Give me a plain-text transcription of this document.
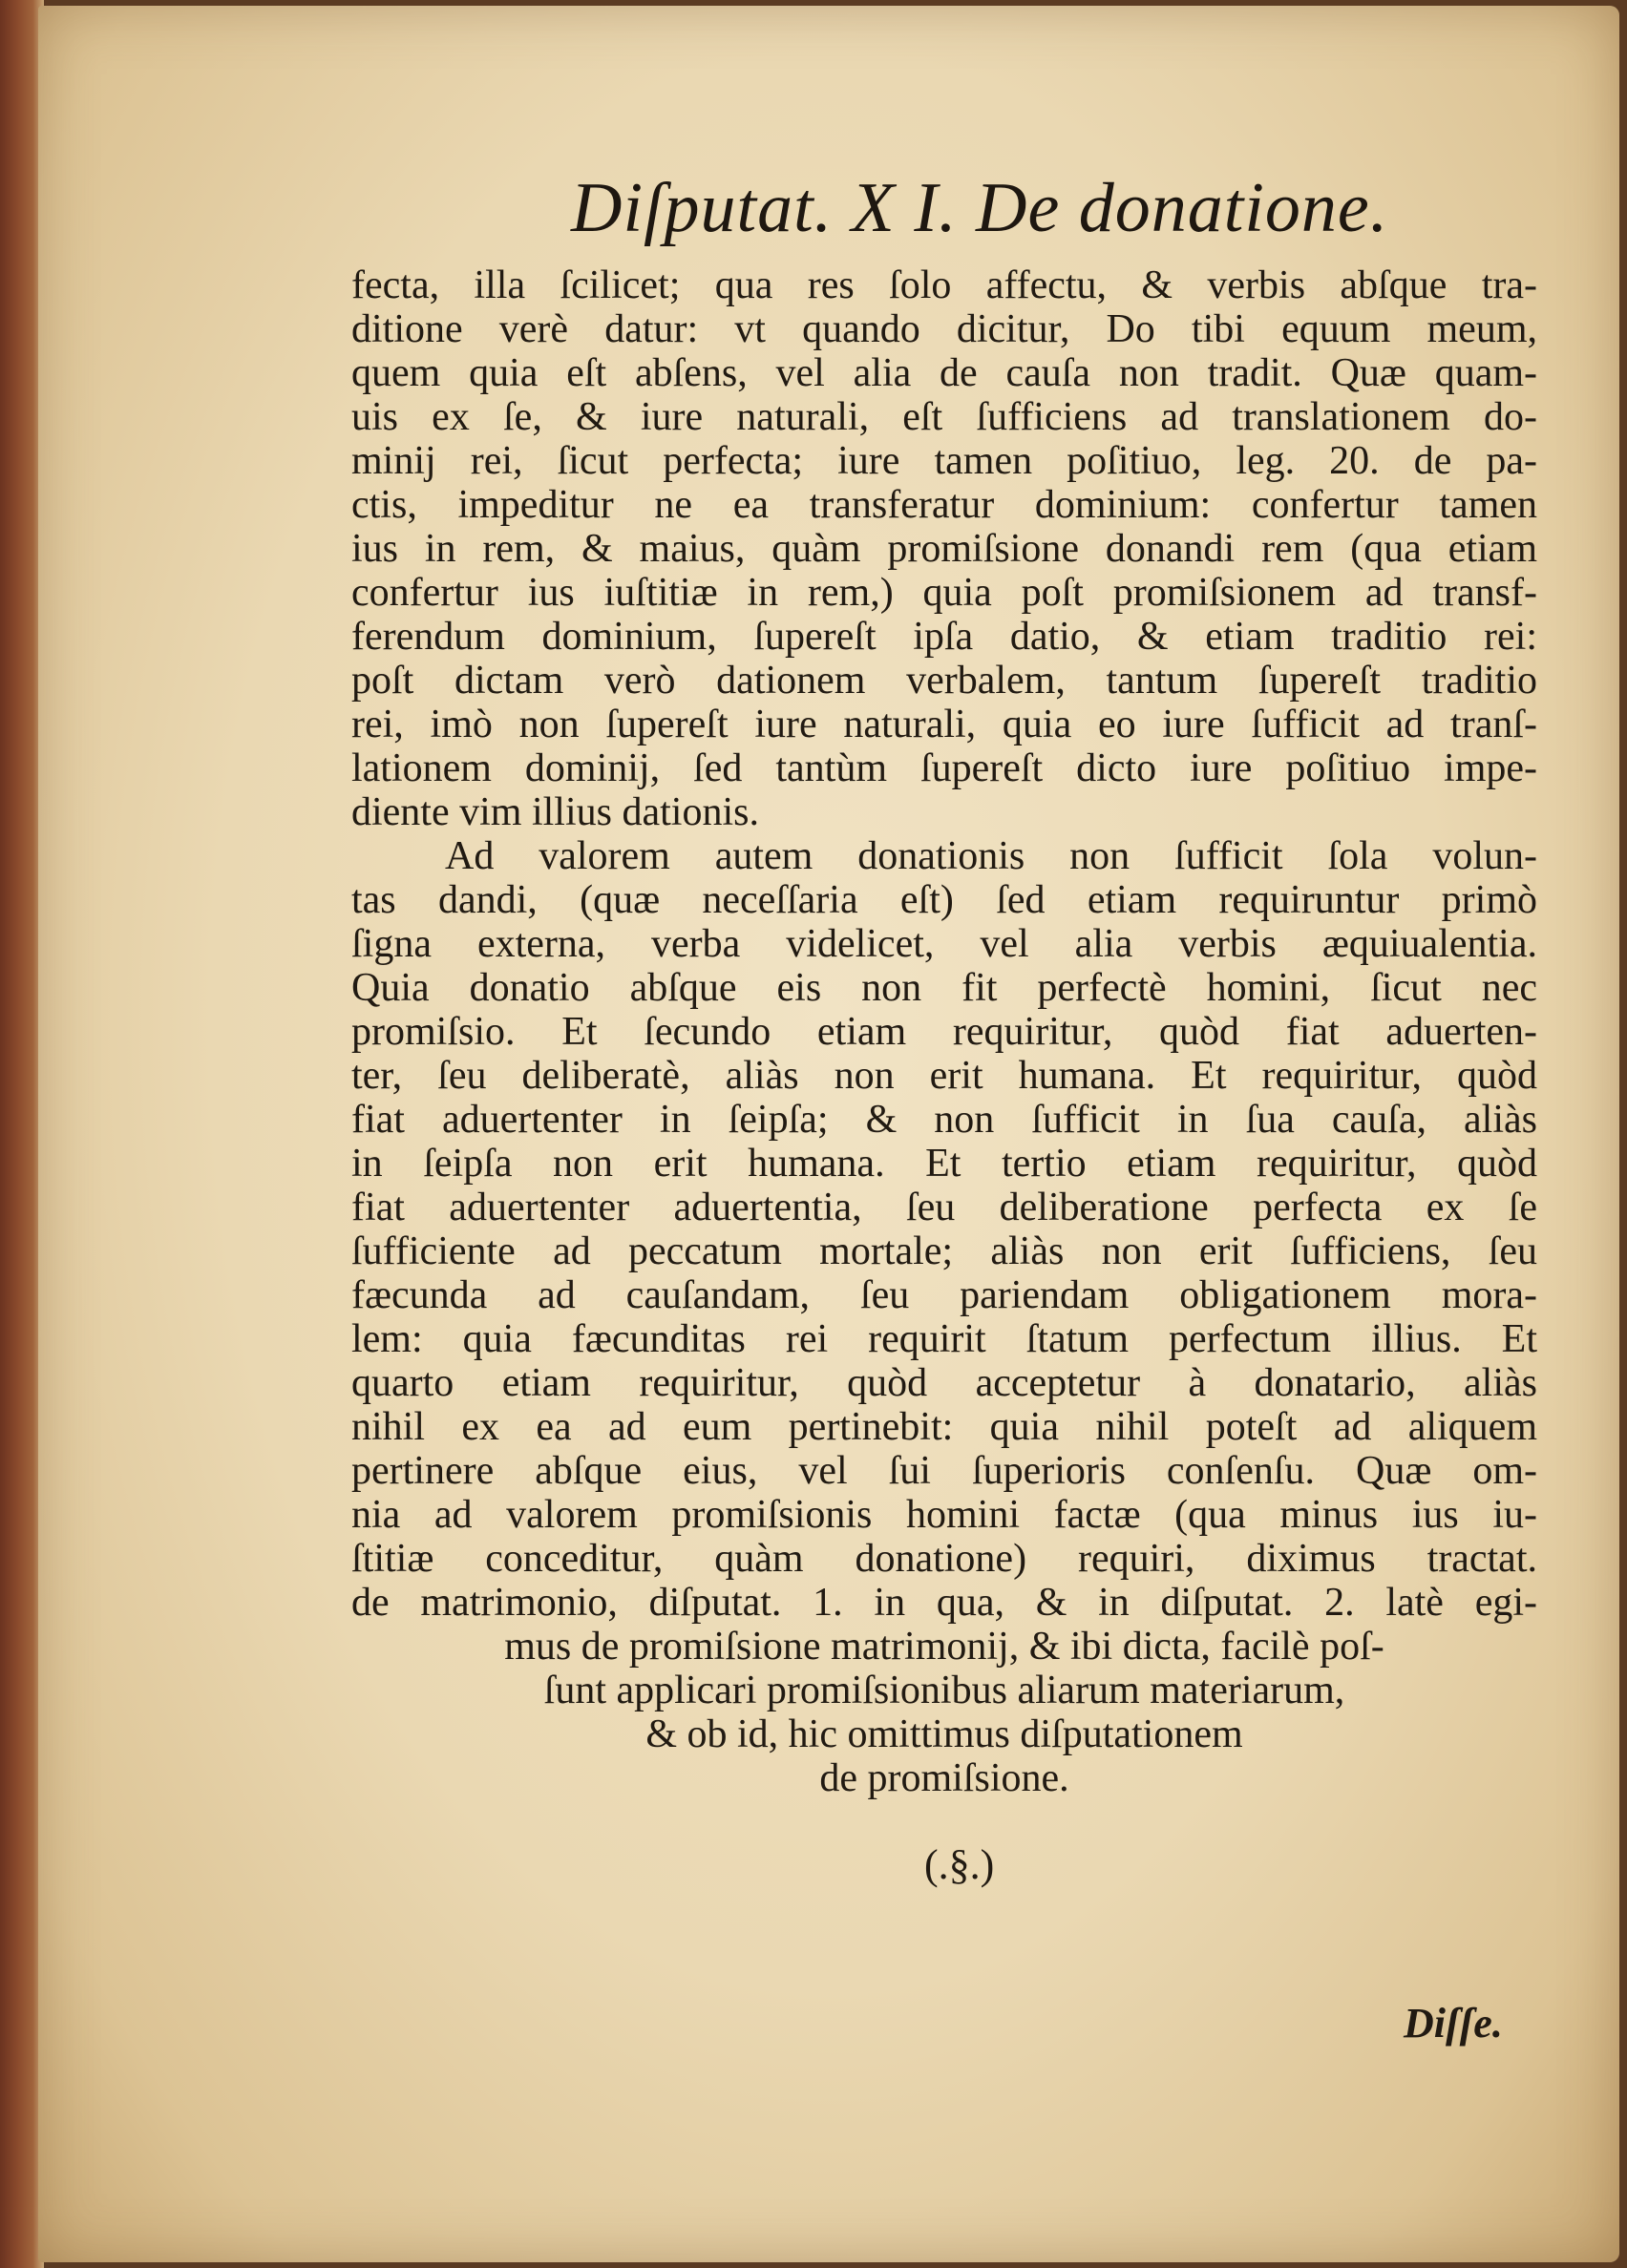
Diſputat. X I. De donatione.
fecta, illa ſcilicet; qua res ſolo affectu, & verbis abſque tra-
ditione verè datur: vt quando dicitur, Do tibi equum meum,
quem quia eſt abſens, vel alia de cauſa non tradit. Quæ quam-
uis ex ſe, & iure naturali, eſt ſufficiens ad translationem do-
minij rei, ſicut perfecta; iure tamen poſitiuo, leg. 20. de pa-
ctis, impeditur ne ea transferatur dominium: confertur tamen
ius in rem, & maius, quàm promiſsione donandi rem (qua etiam
confertur ius iuſtitiæ in rem,) quia poſt promiſsionem ad transf-
ferendum dominium, ſupereſt ipſa datio, & etiam traditio rei:
poſt dictam verò dationem verbalem, tantum ſupereſt traditio
rei, imò non ſupereſt iure naturali, quia eo iure ſufficit ad tranſ-
lationem dominij, ſed tantùm ſupereſt dicto iure poſitiuo impe-
diente vim illius dationis.
Ad valorem autem donationis non ſufficit ſola volun-
tas dandi, (quæ neceſſaria eſt) ſed etiam requiruntur primò
ſigna externa, verba videlicet, vel alia verbis æquiualentia.
Quia donatio abſque eis non fit perfectè homini, ſicut nec
promiſsio. Et ſecundo etiam requiritur, quòd fiat aduerten-
ter, ſeu deliberatè, aliàs non erit humana. Et requiritur, quòd
fiat aduertenter in ſeipſa; & non ſufficit in ſua cauſa, aliàs
in ſeipſa non erit humana. Et tertio etiam requiritur, quòd
fiat aduertenter aduertentia, ſeu deliberatione perfecta ex ſe
ſufficiente ad peccatum mortale; aliàs non erit ſufficiens, ſeu
fæcunda ad cauſandam, ſeu pariendam obligationem mora-
lem: quia fæcunditas rei requirit ſtatum perfectum illius. Et
quarto etiam requiritur, quòd acceptetur à donatario, aliàs
nihil ex ea ad eum pertinebit: quia nihil poteſt ad aliquem
pertinere abſque eius, vel ſui ſuperioris conſenſu. Quæ om-
nia ad valorem promiſsionis homini factæ (qua minus ius iu-
ſtitiæ conceditur, quàm donatione) requiri, diximus tractat.
de matrimonio, diſputat. 1. in qua, & in diſputat. 2. latè egi-
mus de promiſsione matrimonij, & ibi dicta, facilè poſ-
ſunt applicari promiſsionibus aliarum materiarum,
& ob id, hic omittimus diſputationem
de promiſsione.
(.§.)
Diſſe.
